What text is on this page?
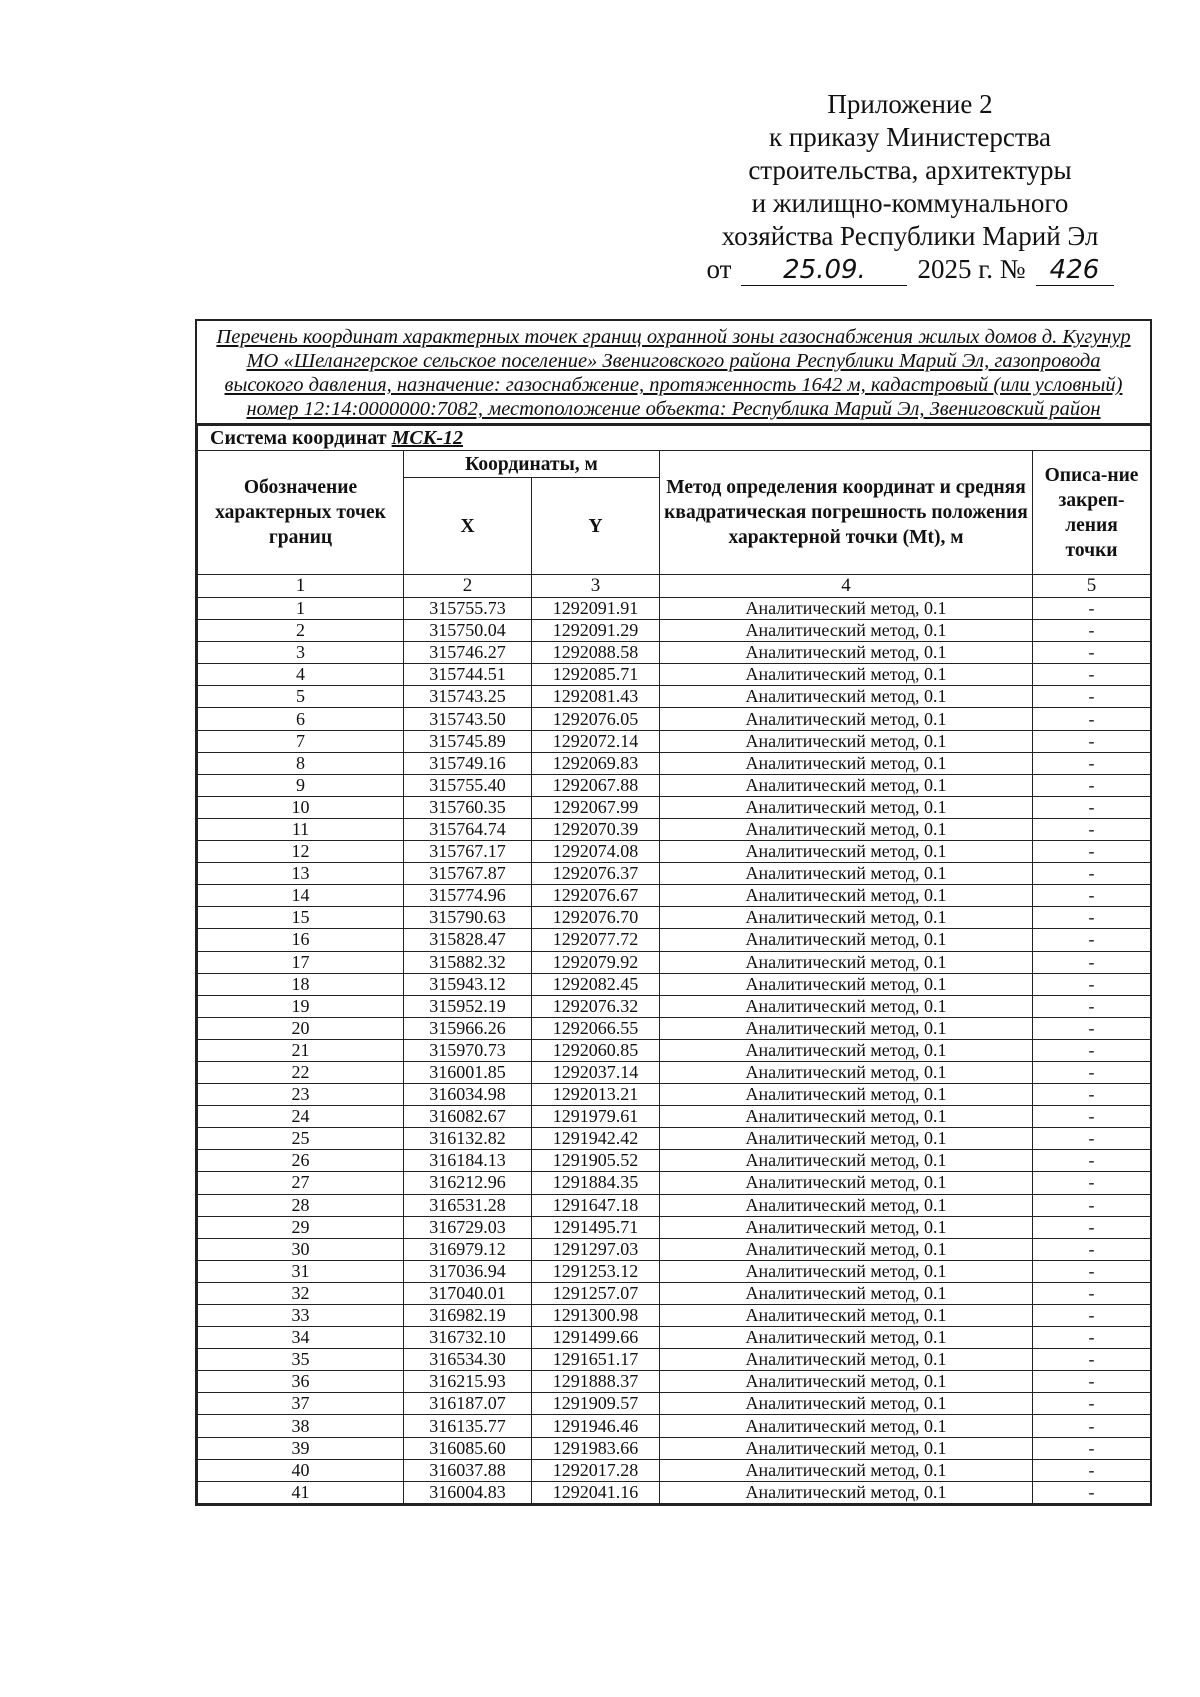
Приложение 2
к приказу Министерства
строительства, архитектуры
и жилищно-коммунального
хозяйства Республики Марий Эл
от	25.09.	2025 г. № 426
Перечень координат характерных точек границ охранной зоны газоснабжения жилых домов д. Кугунур МО «Шелангерское сельское поселение» Звениговского района Республики Марий Эл, газопровода высокого давления, назначение: газоснабжение, протяженность 1642 м, кадастровый (или условный) номер 12:14:0000000:7082, местоположение объекта: Республика Марий Эл, Звениговский район
Система координат МСК-12				
Обозначение характерных точек границ	Координаты, м		Метод определения координат и средняя квадратическая погрешность положения характерной точки (Mt), м	Описа-ние закреп-ления точки
	X	Y		
1	2	3	4	5
1	315755.73	1292091.91	Аналитический метод, 0.1	-
2	315750.04	1292091.29	Аналитический метод, 0.1	-
3	315746.27	1292088.58	Аналитический метод, 0.1	-
4	315744.51	1292085.71	Аналитический метод, 0.1	-
5	315743.25	1292081.43	Аналитический метод, 0.1	-
6	315743.50	1292076.05	Аналитический метод, 0.1	-
7	315745.89	1292072.14	Аналитический метод, 0.1	-
8	315749.16	1292069.83	Аналитический метод, 0.1	-
9	315755.40	1292067.88	Аналитический метод, 0.1	-
10	315760.35	1292067.99	Аналитический метод, 0.1	-
11	315764.74	1292070.39	Аналитический метод, 0.1	-
12	315767.17	1292074.08	Аналитический метод, 0.1	-
13	315767.87	1292076.37	Аналитический метод, 0.1	-
14	315774.96	1292076.67	Аналитический метод, 0.1	-
15	315790.63	1292076.70	Аналитический метод, 0.1	-
16	315828.47	1292077.72	Аналитический метод, 0.1	-
17	315882.32	1292079.92	Аналитический метод, 0.1	-
18	315943.12	1292082.45	Аналитический метод, 0.1	-
19	315952.19	1292076.32	Аналитический метод, 0.1	-
20	315966.26	1292066.55	Аналитический метод, 0.1	-
21	315970.73	1292060.85	Аналитический метод, 0.1	-
22	316001.85	1292037.14	Аналитический метод, 0.1	-
23	316034.98	1292013.21	Аналитический метод, 0.1	-
24	316082.67	1291979.61	Аналитический метод, 0.1	-
25	316132.82	1291942.42	Аналитический метод, 0.1	-
26	316184.13	1291905.52	Аналитический метод, 0.1	-
27	316212.96	1291884.35	Аналитический метод, 0.1	-
28	316531.28	1291647.18	Аналитический метод, 0.1	-
29	316729.03	1291495.71	Аналитический метод, 0.1	-
30	316979.12	1291297.03	Аналитический метод, 0.1	-
31	317036.94	1291253.12	Аналитический метод, 0.1	-
32	317040.01	1291257.07	Аналитический метод, 0.1	-
33	316982.19	1291300.98	Аналитический метод, 0.1	-
34	316732.10	1291499.66	Аналитический метод, 0.1	-
35	316534.30	1291651.17	Аналитический метод, 0.1	-
36	316215.93	1291888.37	Аналитический метод, 0.1	-
37	316187.07	1291909.57	Аналитический метод, 0.1	-
38	316135.77	1291946.46	Аналитический метод, 0.1	-
39	316085.60	1291983.66	Аналитический метод, 0.1	-
40	316037.88	1292017.28	Аналитический метод, 0.1	-
41	316004.83	1292041.16	Аналитический метод, 0.1	-
